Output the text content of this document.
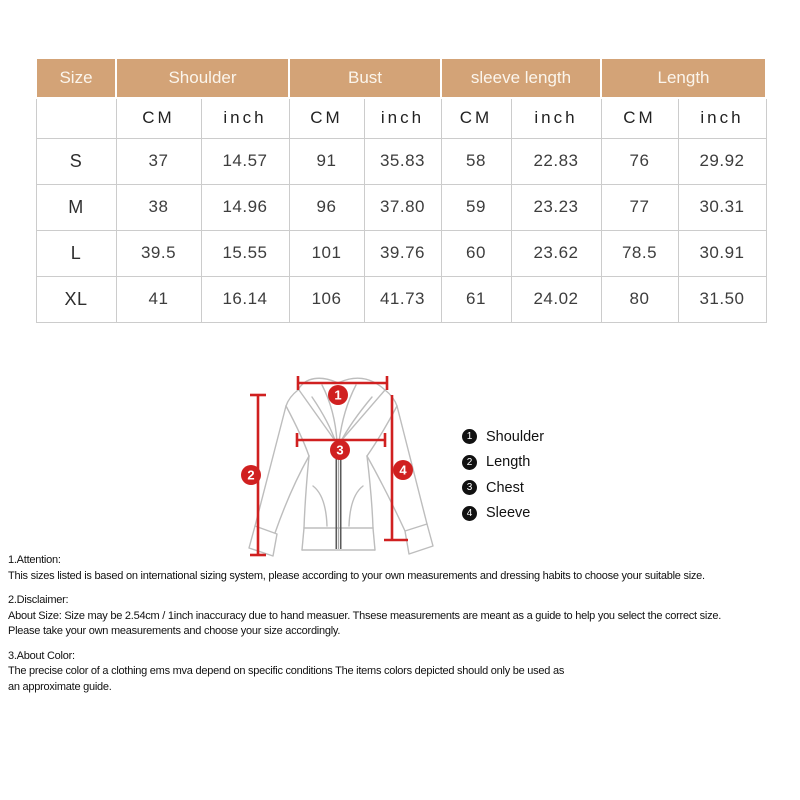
Size	Shoulder		Bust		sleeve length		Length	
	CM	inch	CM	inch	CM	inch	CM	inch
S	37	14.57	91	35.83	58	22.83	76	29.92
M	38	14.96	96	37.80	59	23.23	77	30.31
L	39.5	15.55	101	39.76	60	23.62	78.5	30.91
XL	41	16.14	106	41.73	61	24.02	80	31.50
1
2
3
4
1 Shoulder
2 Length
3 Chest
4 Sleeve
1.Attention:
This sizes listed is based on international sizing system, please according to your own measurements and dressing habits to choose your suitable size.
2.Disclaimer:
About Size: Size may be 2.54cm / 1inch inaccuracy due to hand measuer. Thsese measurements are meant as a guide to help you select the correct size.
Please take your own measurements and choose your size accordingly.
3.About Color:
The precise color of a clothing ems mva depend on specific conditions The items colors depicted should only be used as
an approximate guide.
